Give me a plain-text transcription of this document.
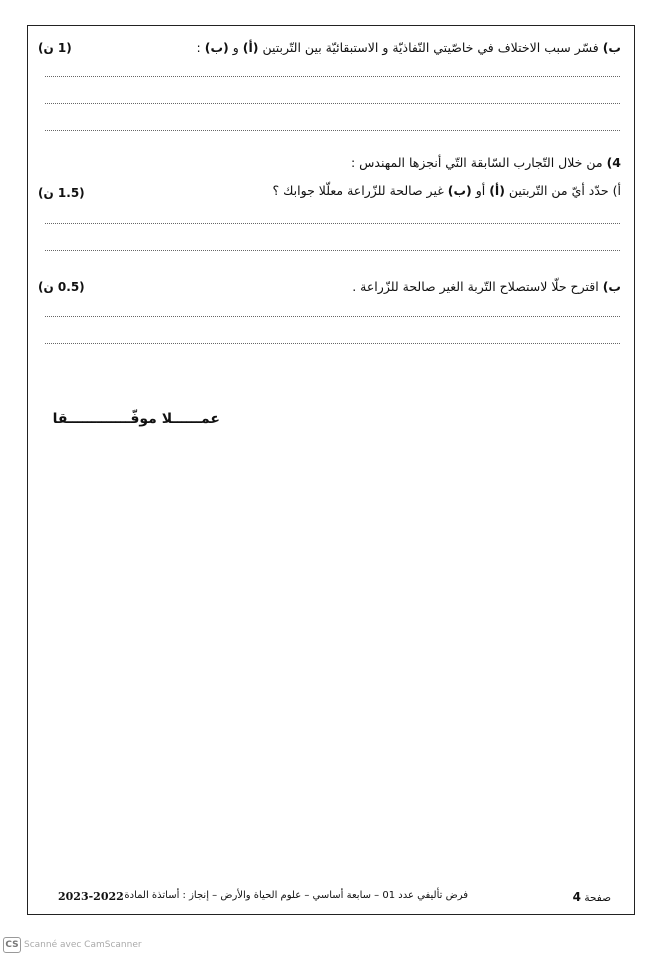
ب) فسّر سبب الاختلاف في خاصّيتي النّفاذيّة و الاستبقائيّة بين التّربتين (أ) و (ب) :
(1 ن)
4) من خلال التّجارب السّابقة التّي أنجزها المهندس :
أ) حدّد أيّ من التّربتين (أ) أو (ب) غير صالحة للزّراعة معلّلا جوابك ؟
(1.5 ن)
ب) اقترح حلّا لاستصلاح التّربة الغير صالحة للزّراعة .
(0.5 ن)
عمــــــلا موفّـــــــــــــقا
2023-2022 فرض تأليفي عدد 01 – سابعة أساسي – علوم الحياة والأرض – إنجاز : أساتذة المادة	صفحة 4
CS Scanné avec CamScanner
